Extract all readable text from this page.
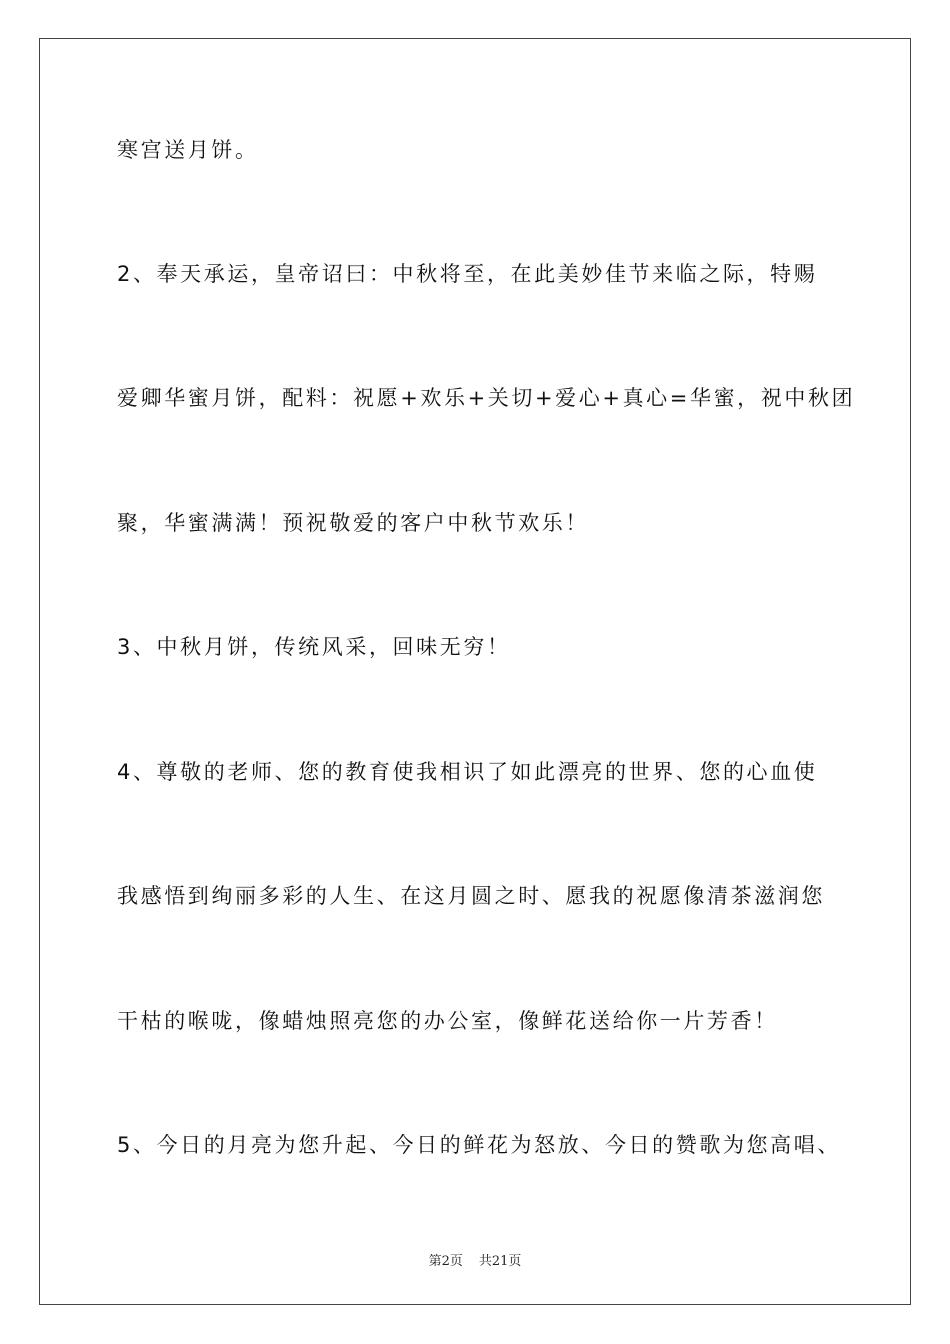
寒宫送月饼。
2、奉天承运，皇帝诏曰：中秋将至，在此美妙佳节来临之际，特赐
爱卿华蜜月饼，配料：祝愿+欢乐+关切+爱心+真心=华蜜，祝中秋团
聚，华蜜满满！预祝敬爱的客户中秋节欢乐！
3、中秋月饼，传统风采，回味无穷！
4、尊敬的老师、您的教育使我相识了如此漂亮的世界、您的心血使
我感悟到绚丽多彩的人生、在这月圆之时、愿我的祝愿像清茶滋润您
干枯的喉咙，像蜡烛照亮您的办公室，像鲜花送给你一片芳香！
5、今日的月亮为您升起、今日的鲜花为怒放、今日的赞歌为您高唱、
第2页 共21页
